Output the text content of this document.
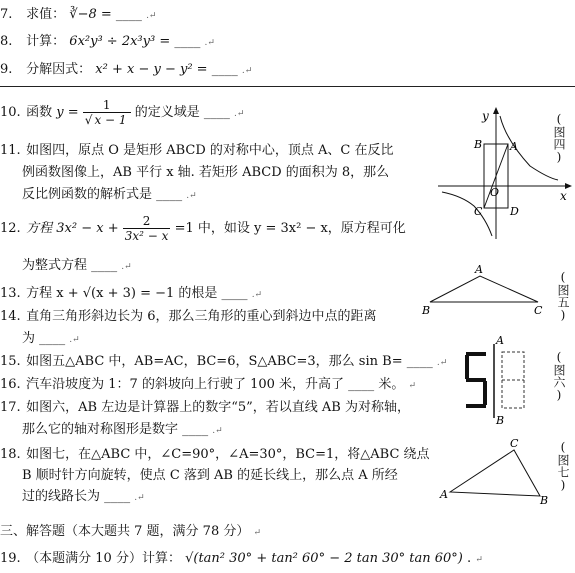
7. 求值： ∛−8 = ____ .↵
8. 计算： 6x²y³ ÷ 2x³y³ = ____ .↵
9. 分解因式： x² + x − y − y² = ____ .↵
10. 函数 $y = \frac{1}{√ x - 1}$ 的定义域是 ____ .↵
11. 如图四，原点 O 是矩形 ABCD 的对称中心，顶点 A、C 在反比
例函数图像上，AB 平行 x 轴. 若矩形 ABCD 的面积为 8，那么
反比例函数的解析式是 ____ .↵
12. 方程 $3x^2 - x + \frac{2}{\text{3x² − x}} =1$ 中，如设 y = 3x² − x，原方程可化
为整式方程 ____ .↵
13. 方程 x + √(x + 3) = −1 的根是 ____ .↵
14. 直角三角形斜边长为 6，那么三角形的重心到斜边中点的距离
为 ____ .↵
15. 如图五△ABC 中，AB=AC，BC=6，S△ABC=3，那么 sin B= ____ .↵
16. 汽车沿坡度为 1：7 的斜坡向上行驶了 100 米，升高了 ____ 米。 ↵
17. 如图六，AB 左边是计算器上的数字“5”，若以直线 AB 为对称轴，
那么它的轴对称图形是数字 ____ .↵
18. 如图七，在△ABC 中，∠C=90°，∠A=30°，BC=1，将△ABC 绕点
B 顺时针方向旋转，使点 C 落到 AB 的延长线上，那么点 A 所经
过的线路长为 ____ .↵
三、解答题（本大题共 7 题，满分 78 分） ↵
19. （本题满分 10 分）计算： √(tan² 30° + tan² 60° − 2 tan 30° tan 60°) . ↵
y
x
B	A
C	D
O
(图四)
A
B	C (图五)
A
B
(图六)
C
A	B
(图七)
